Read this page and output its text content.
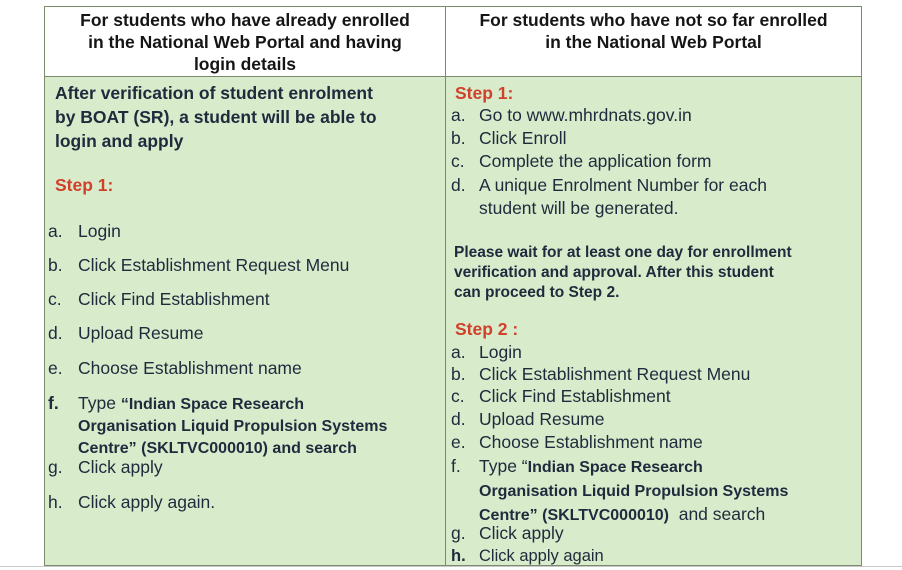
For students who have already enrolled
in the National Web Portal and having
login details
For students who have not so far enrolled
in the National Web Portal
After verification of student enrolment
by BOAT (SR), a student will be able to
login and apply
Step 1:
a. Login
b. Click Establishment Request Menu
c. Click Find Establishment
d. Upload Resume
e. Choose Establishment name
f. Type “Indian Space Research
Organisation Liquid Propulsion Systems
Centre” (SKLTVC000010) and search
g. Click apply
h. Click apply again.
Step 1:
a. Go to www.mhrdnats.gov.in
b. Click Enroll
c. Complete the application form
d. A unique Enrolment Number for each
student will be generated.
Please wait for at least one day for enrollment
verification and approval. After this student
can proceed to Step 2.
Step 2 :
a. Login
b. Click Establishment Request Menu
c. Click Find Establishment
d. Upload Resume
e. Choose Establishment name
f. Type “Indian Space Research
Organisation Liquid Propulsion Systems
Centre” (SKLTVC000010)  and search
g. Click apply
h. Click apply again
